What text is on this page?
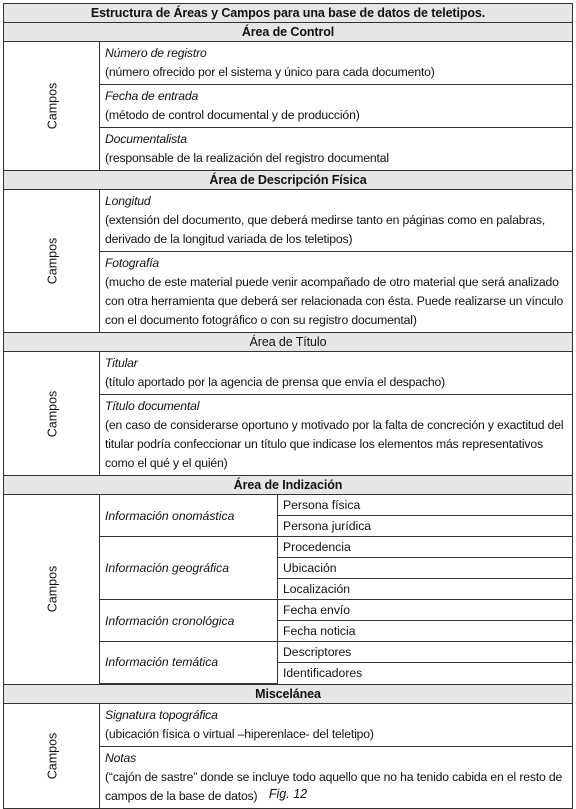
Estructura de Áreas y Campos para una base de datos de teletipos.
Área de Control

Campos

Número de registro
(número ofrecido por el sistema y único para cada documento)

Fecha de entrada
(método de control documental y de producción)

Documentalista
(responsable de la realización del registro documental

Área de Descripción Física

Campos

Longitud
(extensión del documento, que deberá medirse tanto en páginas como en palabras, derivado de la longitud variada de los teletipos)

Fotografía
(mucho de este material puede venir acompañado de otro material que será analizado con otra herramienta que deberá ser relacionada con ésta. Puede realizarse un vínculo con el documento fotográfico o con su registro documental)

Área de Título

Campos

Titular
(título aportado por la agencia de prensa que envía el despacho)

Título documental
(en caso de considerarse oportuno y motivado por la falta de concreción y exactitud del titular podría confeccionar un título que indicase los elementos más representativos como el qué y el quién)

Área de Indización

Campos

Información onomástica	Persona física
Persona jurídica
Información geográfica	Procedencia
Ubicación
Localización
Información cronológica	Fecha envío
Fecha noticia
Información temática	Descriptores
Identificadores

Miscelánea

Campos

Signatura topográfica
(ubicación física o virtual –hiperenlace- del teletipo)

Notas
(“cajón de sastre” donde se incluye todo aquello que no ha tenido cabida en el resto de campos de la base de datos) Fig. 12
